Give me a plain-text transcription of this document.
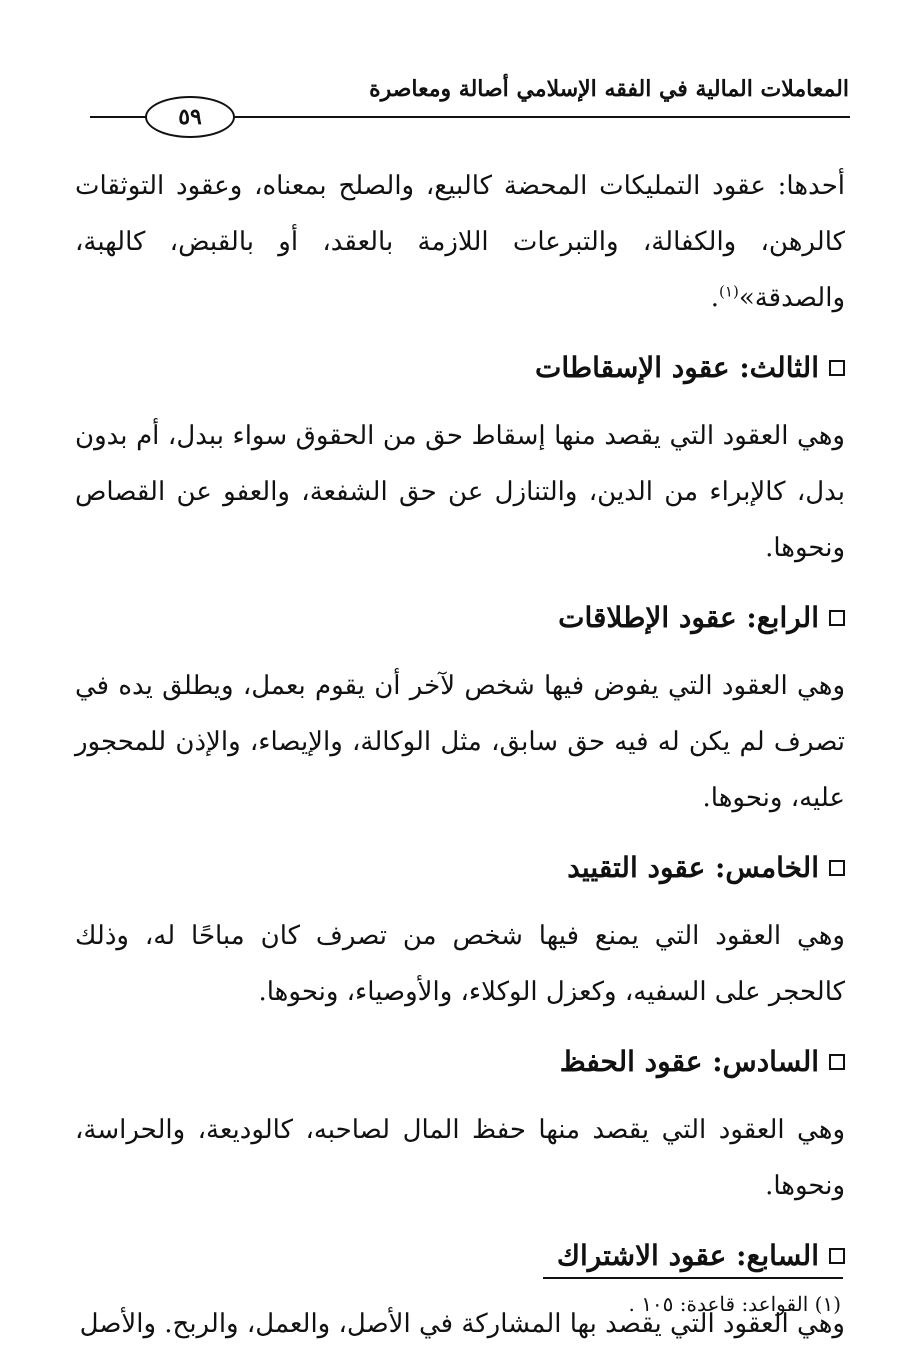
المعاملات المالية في الفقه الإسلامي أصالة ومعاصرة
٥٩

أحدها: عقود التمليكات المحضة كالبيع، والصلح بمعناه، وعقود التوثقات كالرهن، والكفالة، والتبرعات اللازمة بالعقد، أو بالقبض، كالهبة، والصدقة»$^{(١)}$.

الثالث: عقود الإسقاطات

وهي العقود التي يقصد منها إسقاط حق من الحقوق سواء ببدل، أم بدون بدل، كالإبراء من الدين، والتنازل عن حق الشفعة، والعفو عن القصاص ونحوها.

الرابع: عقود الإطلاقات

وهي العقود التي يفوض فيها شخص لآخر أن يقوم بعمل، ويطلق يده في تصرف لم يكن له فيه حق سابق، مثل الوكالة، والإيصاء، والإذن للمحجور عليه، ونحوها.

الخامس: عقود التقييد

وهي العقود التي يمنع فيها شخص من تصرف كان مباحًا له، وذلك كالحجر على السفيه، وكعزل الوكلاء، والأوصياء، ونحوها.

السادس: عقود الحفظ

وهي العقود التي يقصد منها حفظ المال لصاحبه، كالوديعة، والحراسة، ونحوها.

السابع: عقود الاشتراك

وهي العقود التي يقصد بها المشاركة في الأصل، والعمل، والربح. والأصل

(١) القواعد: قاعدة: ١٠٥ .
